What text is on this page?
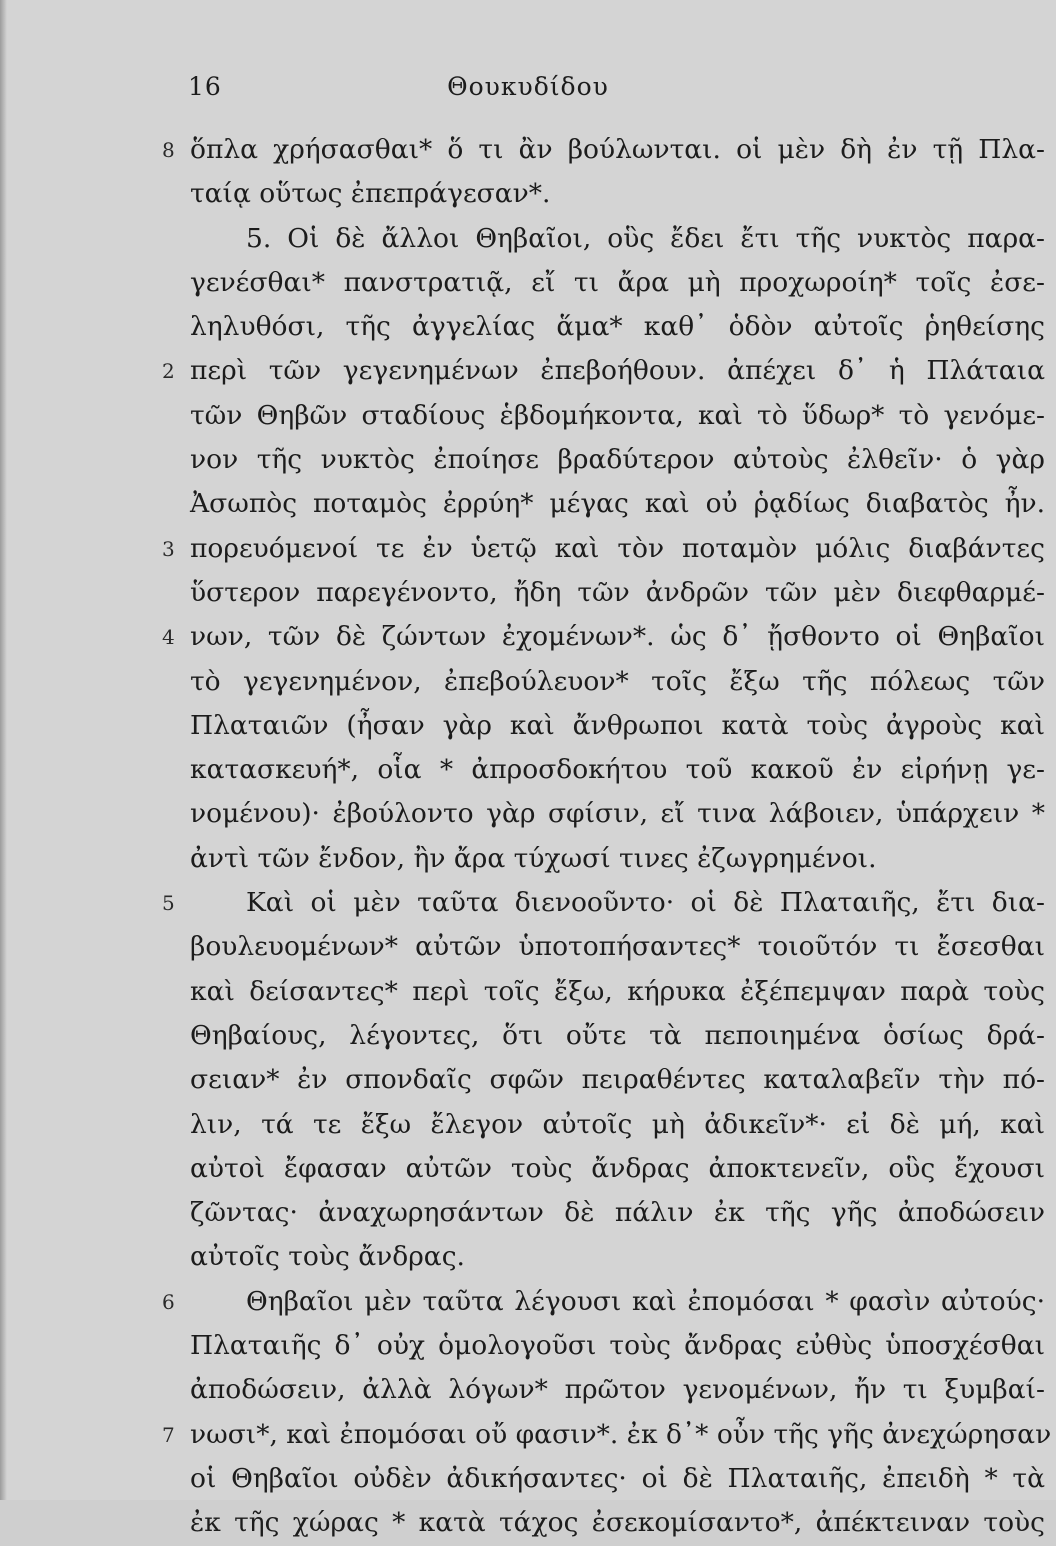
16	Θουκυδίδου
8 ὅπλα χρήσασθαι* ὅ τι ἂν βούλωνται. οἱ μὲν δὴ ἐν τῇ Πλα-
ταίᾳ οὕτως ἐπεπράγεσαν*.
5. Οἱ δὲ ἄλλοι Θηβαῖοι, οὓς ἔδει ἔτι τῆς νυκτὸς παρα-
γενέσθαι* πανστρατιᾷ, εἴ τι ἄρα μὴ προχωροίη* τοῖς ἐσε-
ληλυθόσι, τῆς ἀγγελίας ἅμα* καθ᾽ ὁδὸν αὐτοῖς ῥηθείσης
2 περὶ τῶν γεγενημένων ἐπεβοήθουν. ἀπέχει δ᾽ ἡ Πλάταια
τῶν Θηβῶν σταδίους ἑβδομήκοντα, καὶ τὸ ὕδωρ* τὸ γενόμε-
νον τῆς νυκτὸς ἐποίησε βραδύτερον αὐτοὺς ἐλθεῖν· ὁ γὰρ
Ἀσωπὸς ποταμὸς ἐρρύη* μέγας καὶ οὐ ῥᾳδίως διαβατὸς ἦν.
3 πορευόμενοί τε ἐν ὑετῷ καὶ τὸν ποταμὸν μόλις διαβάντες
ὕστερον παρεγένοντο, ἤδη τῶν ἀνδρῶν τῶν μὲν διεφθαρμέ-
4 νων, τῶν δὲ ζώντων ἐχομένων*. ὡς δ᾽ ᾔσθοντο οἱ Θηβαῖοι
τὸ γεγενημένον, ἐπεβούλευον* τοῖς ἔξω τῆς πόλεως τῶν
Πλαταιῶν (ἦσαν γὰρ καὶ ἄνθρωποι κατὰ τοὺς ἀγροὺς καὶ
κατασκευή*, οἷα * ἀπροσδοκήτου τοῦ κακοῦ ἐν εἰρήνῃ γε-
νομένου)· ἐβούλοντο γὰρ σφίσιν, εἴ τινα λάβοιεν, ὑπάρχειν *
ἀντὶ τῶν ἔνδον, ἢν ἄρα τύχωσί τινες ἐζωγρημένοι.
5	Καὶ οἱ μὲν ταῦτα διενοοῦντο· οἱ δὲ Πλαταιῆς, ἔτι δια-
βουλευομένων* αὐτῶν ὑποτοπήσαντες* τοιοῦτόν τι ἔσεσθαι
καὶ δείσαντες* περὶ τοῖς ἔξω, κήρυκα ἐξέπεμψαν παρὰ τοὺς
Θηβαίους, λέγοντες, ὅτι οὔτε τὰ πεποιημένα ὁσίως δρά-
σειαν* ἐν σπονδαῖς σφῶν πειραθέντες καταλαβεῖν τὴν πό-
λιν, τά τε ἔξω ἔλεγον αὐτοῖς μὴ ἀδικεῖν*· εἰ δὲ μή, καὶ
αὐτοὶ ἔφασαν αὐτῶν τοὺς ἄνδρας ἀποκτενεῖν, οὓς ἔχουσι
ζῶντας· ἀναχωρησάντων δὲ πάλιν ἐκ τῆς γῆς ἀποδώσειν
αὐτοῖς τοὺς ἄνδρας.
6	Θηβαῖοι μὲν ταῦτα λέγουσι καὶ ἐπομόσαι * φασὶν αὐτούς·
Πλαταιῆς δ᾽ οὐχ ὁμολογοῦσι τοὺς ἄνδρας εὐθὺς ὑποσχέσθαι
ἀποδώσειν, ἀλλὰ λόγων* πρῶτον γενομένων, ἤν τι ξυμβαί-
7 νωσι*, καὶ ἐπομόσαι οὔ φασιν*. ἐκ δ᾽* οὖν τῆς γῆς ἀνεχώρησαν
οἱ Θηβαῖοι οὐδὲν ἀδικήσαντες· οἱ δὲ Πλαταιῆς, ἐπειδὴ * τὰ
ἐκ τῆς χώρας * κατὰ τάχος ἐσεκομίσαντο*, ἀπέκτειναν τοὺς
